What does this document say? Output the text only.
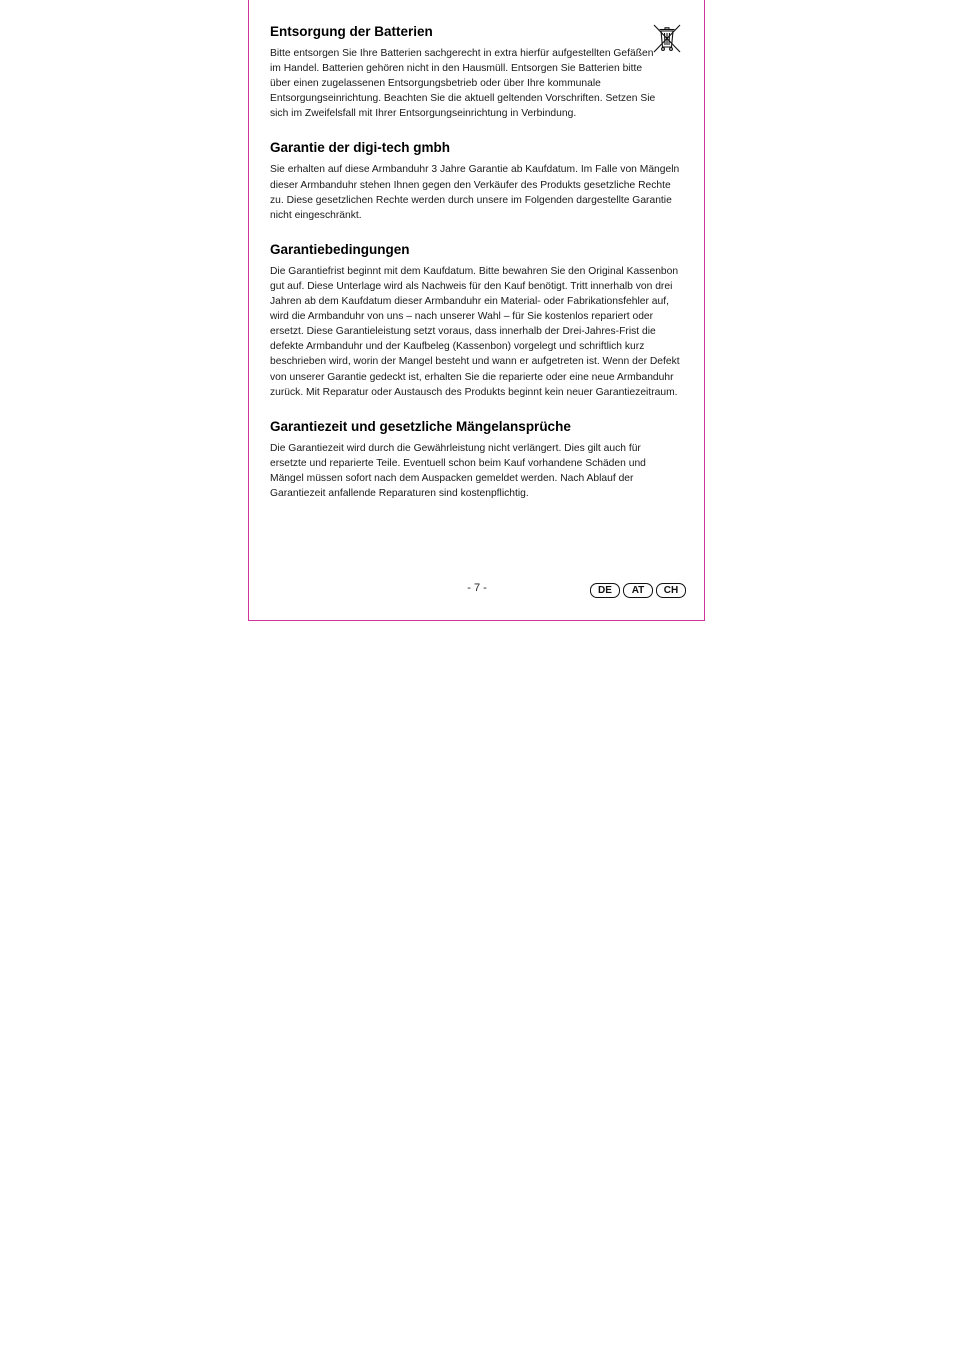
Entsorgung der Batterien

Bitte entsorgen Sie Ihre Batterien sachgerecht in extra hierfür aufgestellten Gefäßen im Handel. Batterien gehören nicht in den Hausmüll. Entsorgen Sie Batterien bitte über einen zugelassenen Entsorgungsbetrieb oder über Ihre kommunale Entsorgungseinrichtung. Beachten Sie die aktuell geltenden Vorschriften. Setzen Sie sich im Zweifelsfall mit Ihrer Entsorgungseinrichtung in Verbindung.

Garantie der digi-tech gmbh

Sie erhalten auf diese Armbanduhr 3 Jahre Garantie ab Kaufdatum. Im Falle von Mängeln dieser Armbanduhr stehen Ihnen gegen den Verkäufer des Produkts gesetzliche Rechte zu. Diese gesetzlichen Rechte werden durch unsere im Folgenden dargestellte Garantie nicht eingeschränkt.

Garantiebedingungen

Die Garantiefrist beginnt mit dem Kaufdatum. Bitte bewahren Sie den Original Kassenbon gut auf. Diese Unterlage wird als Nachweis für den Kauf benötigt. Tritt innerhalb von drei Jahren ab dem Kaufdatum dieser Armbanduhr ein Material- oder Fabrikationsfehler auf, wird die Armbanduhr von uns – nach unserer Wahl – für Sie kostenlos repariert oder ersetzt. Diese Garantieleistung setzt voraus, dass innerhalb der Drei-Jahres-Frist die defekte Armbanduhr und der Kaufbeleg (Kassenbon) vorgelegt und schriftlich kurz beschrieben wird, worin der Mangel besteht und wann er aufgetreten ist. Wenn der Defekt von unserer Garantie gedeckt ist, erhalten Sie die reparierte oder eine neue Armbanduhr zurück. Mit Reparatur oder Austausch des Produkts beginnt kein neuer Garantiezeitraum.

Garantiezeit und gesetzliche Mängelansprüche

Die Garantiezeit wird durch die Gewährleistung nicht verlängert. Dies gilt auch für ersetzte und reparierte Teile. Eventuell schon beim Kauf vorhandene Schäden und Mängel müssen sofort nach dem Auspacken gemeldet werden. Nach Ablauf der Garantiezeit anfallende Reparaturen sind kostenpflichtig.

- 7 -	DE	AT	CH
